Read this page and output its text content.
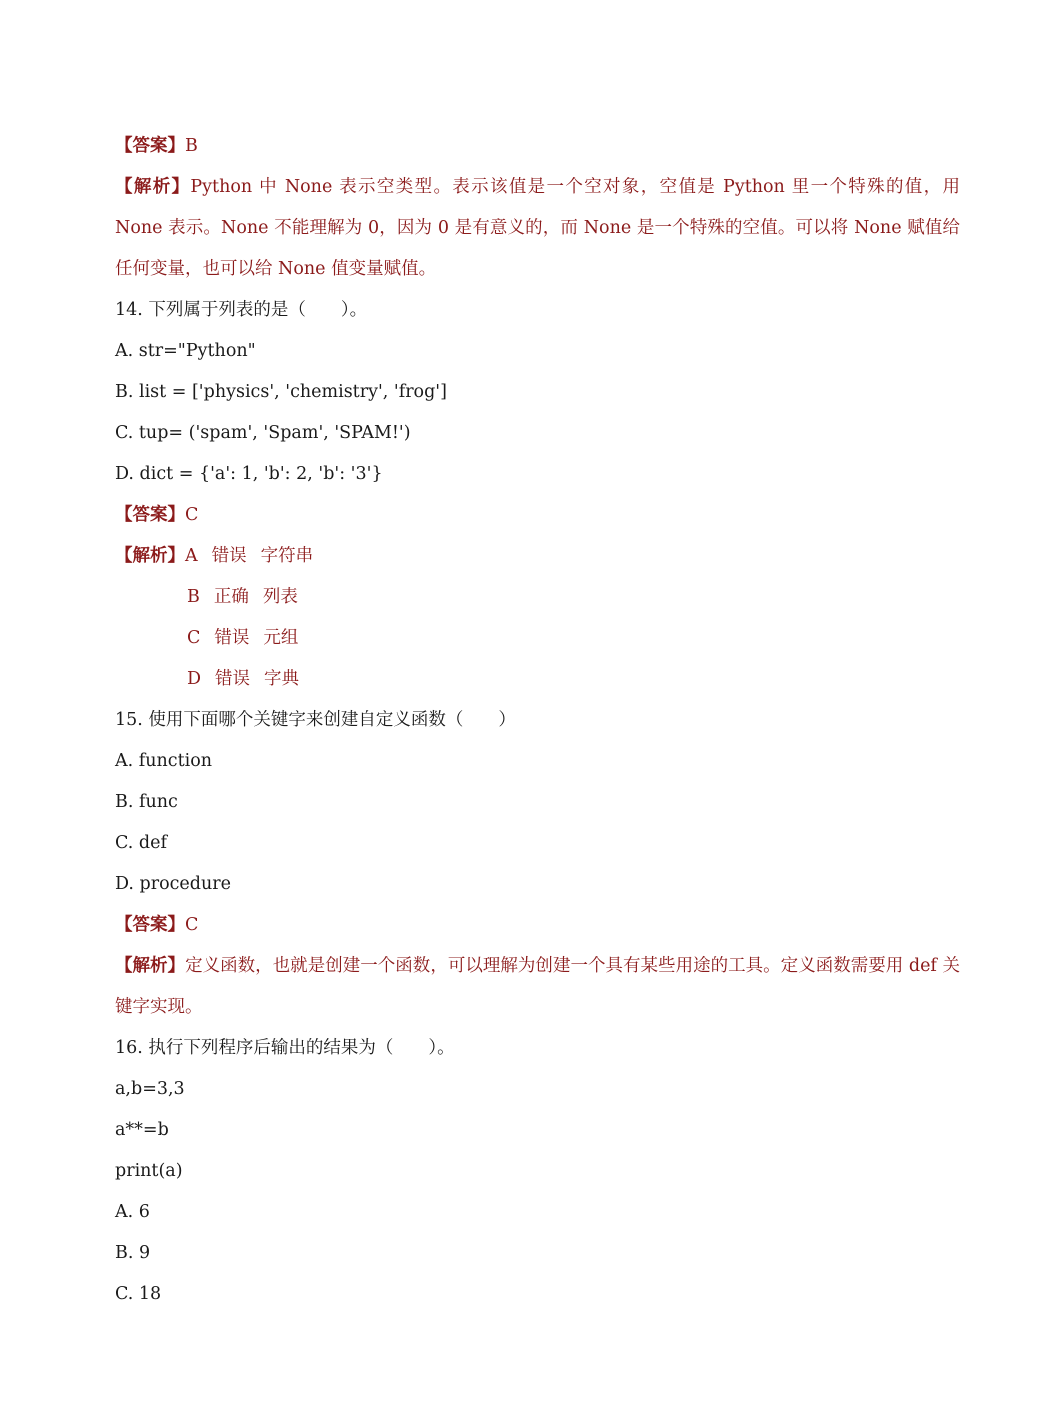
【答案】B
【解析】Python 中 None 表示空类型。表示该值是一个空对象，空值是 Python 里一个特殊的值，用 None 表示。None 不能理解为 0，因为 0 是有意义的，而 None 是一个特殊的空值。可以将 None 赋值给任何变量，也可以给 None 值变量赋值。
14. 下列属于列表的是（　　）。
A. str="Python"
B. list = ['physics', 'chemistry', 'frog']
C. tup= ('spam', 'Spam', 'SPAM!')
D. dict = {'a': 1, 'b': 2, 'b': '3'}
【答案】C
【解析】A 错误 字符串
B 正确 列表
C 错误 元组
D 错误 字典
15. 使用下面哪个关键字来创建自定义函数（　　）
A. function
B. func
C. def
D. procedure
【答案】C
【解析】定义函数，也就是创建一个函数，可以理解为创建一个具有某些用途的工具。定义函数需要用 def 关键字实现。
16. 执行下列程序后输出的结果为（　　）。
a,b=3,3
a**=b
print(a)
A. 6
B. 9
C. 18
